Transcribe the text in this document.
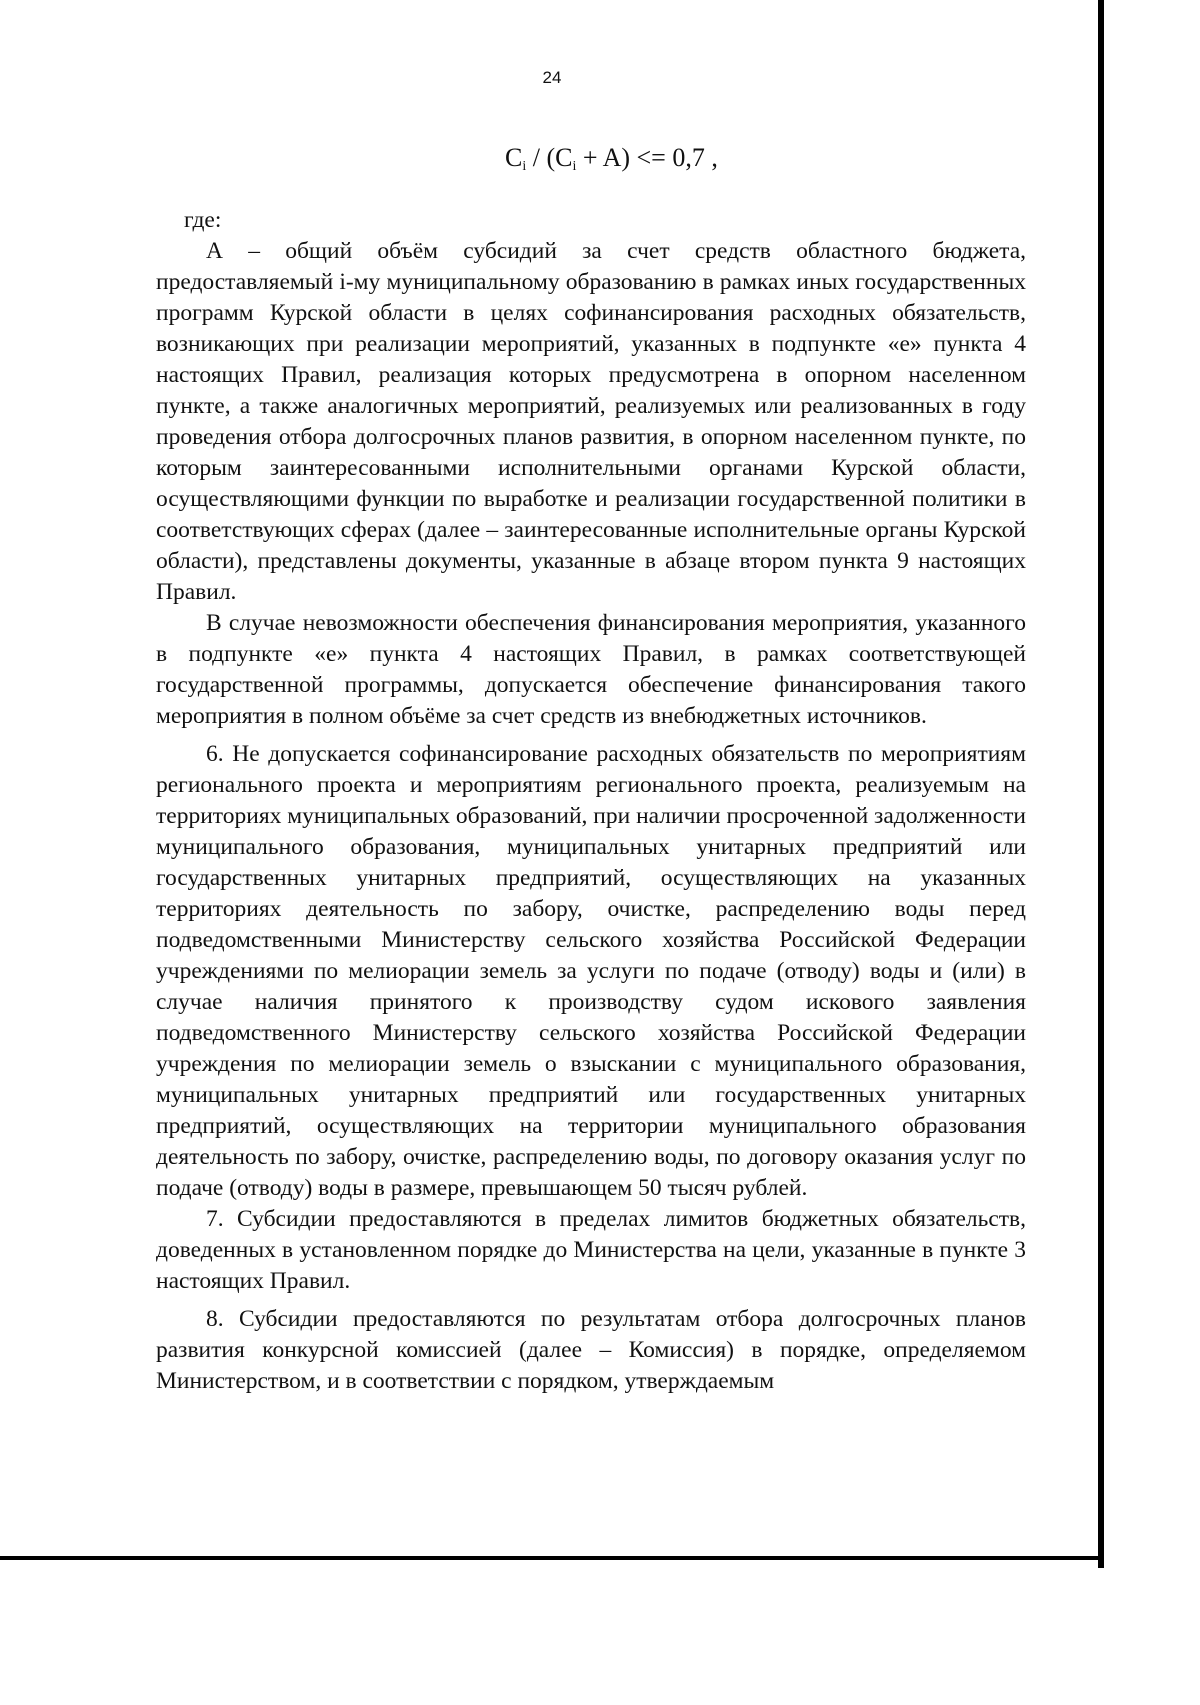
24
$C_i / (C_i + A) <= 0,7$ ,

где:

А – общий объём субсидий за счет средств областного бюджета, предоставляемый i-му муниципальному образованию в рамках иных государственных программ Курской области в целях софинансирования расходных обязательств, возникающих при реализации мероприятий, указанных в подпункте «е» пункта 4 настоящих Правил, реализация которых предусмотрена в опорном населенном пункте, а также аналогичных мероприятий, реализуемых или реализованных в году проведения отбора долгосрочных планов развития, в опорном населенном пункте, по которым заинтересованными исполнительными органами Курской области, осуществляющими функции по выработке и реализации государственной политики в соответствующих сферах (далее – заинтересованные исполнительные органы Курской области), представлены документы, указанные в абзаце втором пункта 9 настоящих Правил.

В случае невозможности обеспечения финансирования мероприятия, указанного в подпункте «е» пункта 4 настоящих Правил, в рамках соответствующей государственной программы, допускается обеспечение финансирования такого мероприятия в полном объёме за счет средств из внебюджетных источников.

6. Не допускается софинансирование расходных обязательств по мероприятиям регионального проекта и мероприятиям регионального проекта, реализуемым на территориях муниципальных образований, при наличии просроченной задолженности муниципального образования, муниципальных унитарных предприятий или государственных унитарных предприятий, осуществляющих на указанных территориях деятельность по забору, очистке, распределению воды перед подведомственными Министерству сельского хозяйства Российской Федерации учреждениями по мелиорации земель за услуги по подаче (отводу) воды и (или) в случае наличия принятого к производству судом искового заявления подведомственного Министерству сельского хозяйства Российской Федерации учреждения по мелиорации земель о взыскании с муниципального образования, муниципальных унитарных предприятий или государственных унитарных предприятий, осуществляющих на территории муниципального образования деятельность по забору, очистке, распределению воды, по договору оказания услуг по подаче (отводу) воды в размере, превышающем 50 тысяч рублей.

7. Субсидии предоставляются в пределах лимитов бюджетных обязательств, доведенных в установленном порядке до Министерства на цели, указанные в пункте 3 настоящих Правил.

8. Субсидии предоставляются по результатам отбора долгосрочных планов развития конкурсной комиссией (далее – Комиссия) в порядке, определяемом Министерством, и в соответствии с порядком, утверждаемым
